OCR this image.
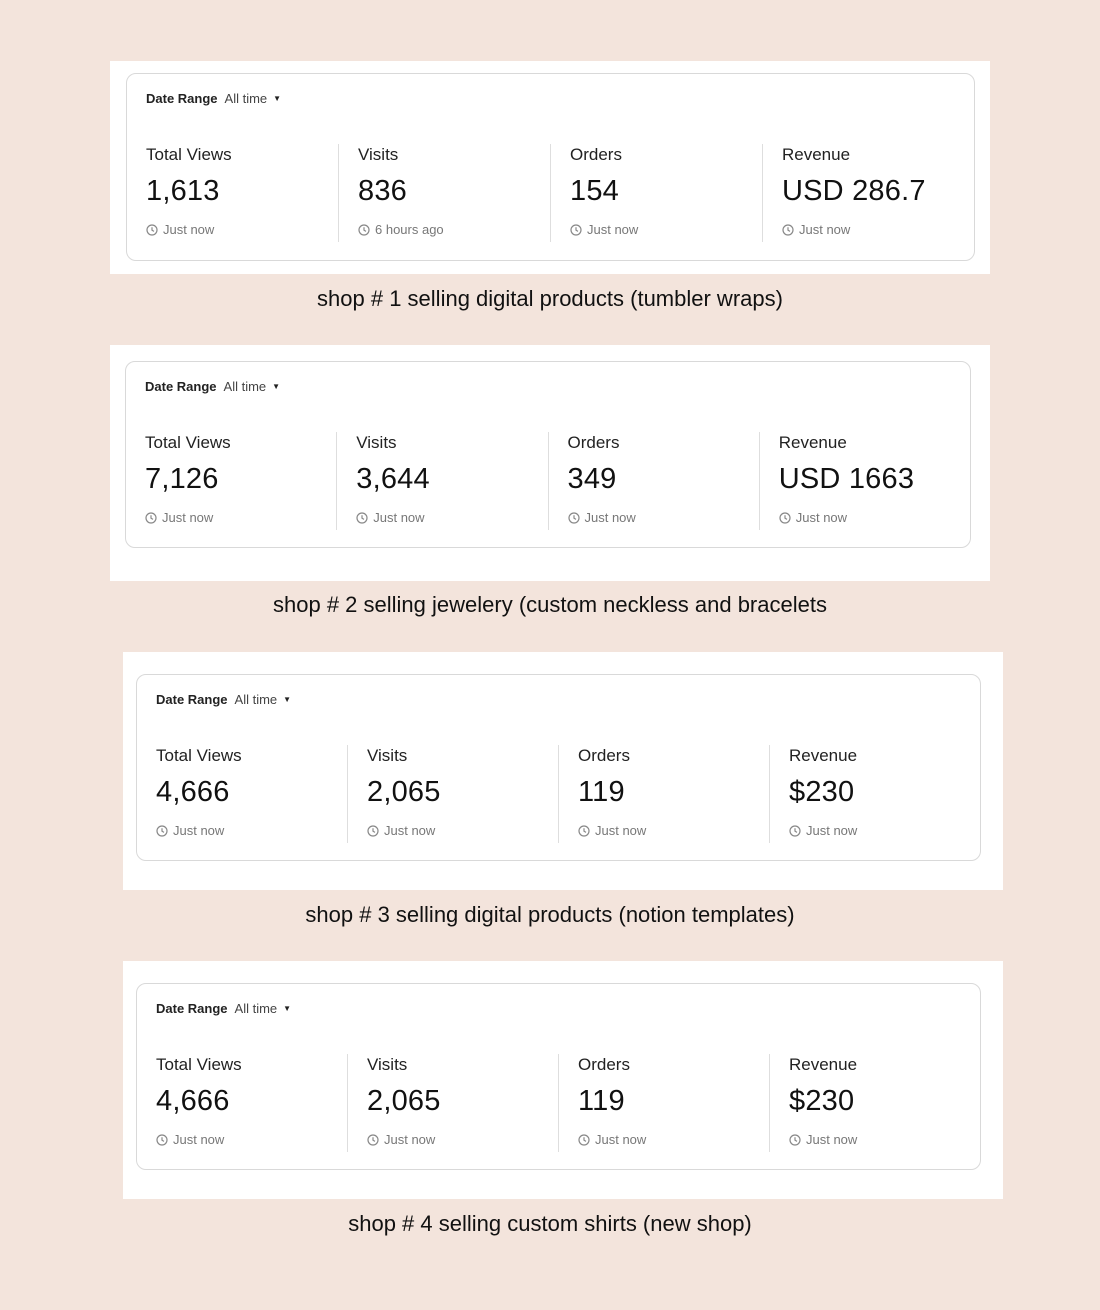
Date Range All time ▼
Total Views
1,613
Just now
Visits
836
6 hours ago
Orders
154
Just now
Revenue
USD 286.7
Just now
shop # 1 selling digital products (tumbler wraps)
Date Range All time ▼
Total Views
7,126
Just now
Visits
3,644
Just now
Orders
349
Just now
Revenue
USD 1663
Just now
shop # 2 selling jewelery (custom neckless and bracelets
Date Range All time ▼
Total Views
4,666
Just now
Visits
2,065
Just now
Orders
119
Just now
Revenue
$230
Just now
shop # 3 selling digital products (notion templates)
Date Range All time ▼
Total Views
4,666
Just now
Visits
2,065
Just now
Orders
119
Just now
Revenue
$230
Just now
shop # 4 selling custom shirts (new shop)
